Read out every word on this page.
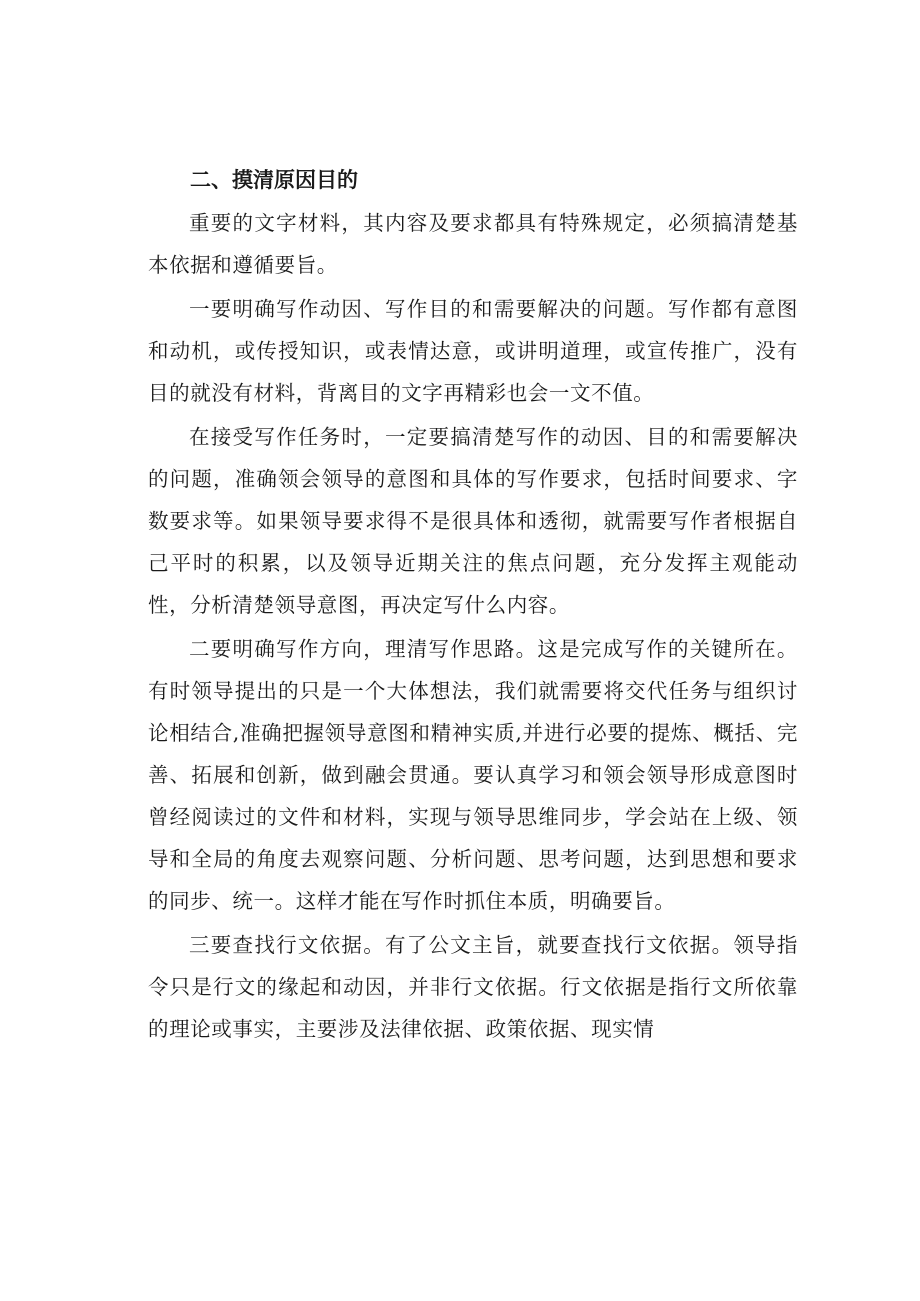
二、摸清原因目的

重要的文字材料，其内容及要求都具有特殊规定，必须搞清楚基本依据和遵循要旨。

一要明确写作动因、写作目的和需要解决的问题。写作都有意图和动机，或传授知识，或表情达意，或讲明道理，或宣传推广，没有目的就没有材料，背离目的文字再精彩也会一文不值。

在接受写作任务时，一定要搞清楚写作的动因、目的和需要解决的问题，准确领会领导的意图和具体的写作要求，包括时间要求、字数要求等。如果领导要求得不是很具体和透彻，就需要写作者根据自己平时的积累，以及领导近期关注的焦点问题，充分发挥主观能动性，分析清楚领导意图，再决定写什么内容。

二要明确写作方向，理清写作思路。这是完成写作的关键所在。有时领导提出的只是一个大体想法，我们就需要将交代任务与组织讨论相结合,准确把握领导意图和精神实质,并进行必要的提炼、概括、完善、拓展和创新，做到融会贯通。要认真学习和领会领导形成意图时曾经阅读过的文件和材料，实现与领导思维同步，学会站在上级、领导和全局的角度去观察问题、分析问题、思考问题，达到思想和要求的同步、统一。这样才能在写作时抓住本质，明确要旨。

三要查找行文依据。有了公文主旨，就要查找行文依据。领导指令只是行文的缘起和动因，并非行文依据。行文依据是指行文所依靠的理论或事实，主要涉及法律依据、政策依据、现实情
